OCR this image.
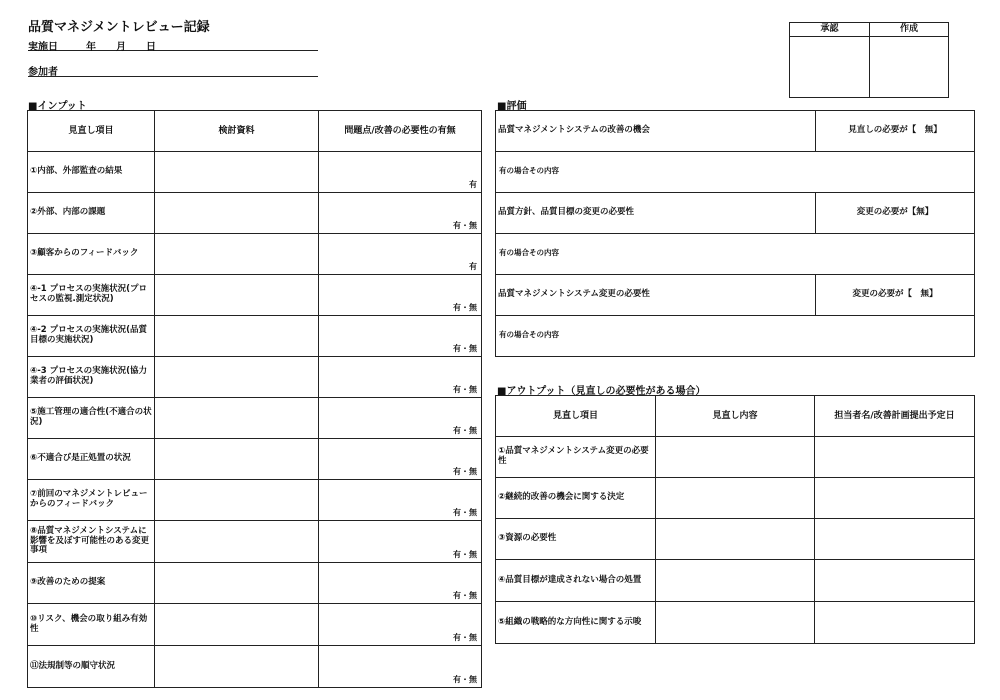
品質マネジメントレビュー記録
実施日	年 月 日
参加者
承認	作成
■インプット
見直し項目	検討資料	問題点/改善の必要性の有無

①内部、外部監査の結果		有

②外部、内部の課題		有・無

③顧客からのフィードバック		有

④-1 プロセスの実施状況(プロセスの監視.測定状況)		有・無

④-2 プロセスの実施状況(品質目標の実施状況)		有・無

④-3 プロセスの実施状況(協力業者の評価状況)		有・無

⑤施工管理の適合性(不適合の状況)		有・無

⑥不適合び是正処置の状況		有・無

⑦前回のマネジメントレビューからのフィードバック		有・無

⑧品質マネジメントシステムに影響を及ぼす可能性のある変更事項		有・無

⑨改善のための提案		有・無

⑩リスク、機会の取り組み有効性		有・無

⑪法規制等の順守状況		有・無
■評価
品質マネジメントシステムの改善の機会	見直しの必要が【　無】
有の場合その内容	

品質方針、品質目標の変更の必要性	変更の必要が【無】
有の場合その内容	

品質マネジメントシステム変更の必要性	変更の必要が【　無】
有の場合その内容	
■アウトプット（見直しの必要性がある場合）
見直し項目	見直し内容	担当者名/改善計画提出予定日

①品質マネジメントシステム変更の必要性		

②継続的改善の機会に関する決定		

③資源の必要性		

④品質目標が達成されない場合の処置		

⑤組織の戦略的な方向性に関する示唆		
